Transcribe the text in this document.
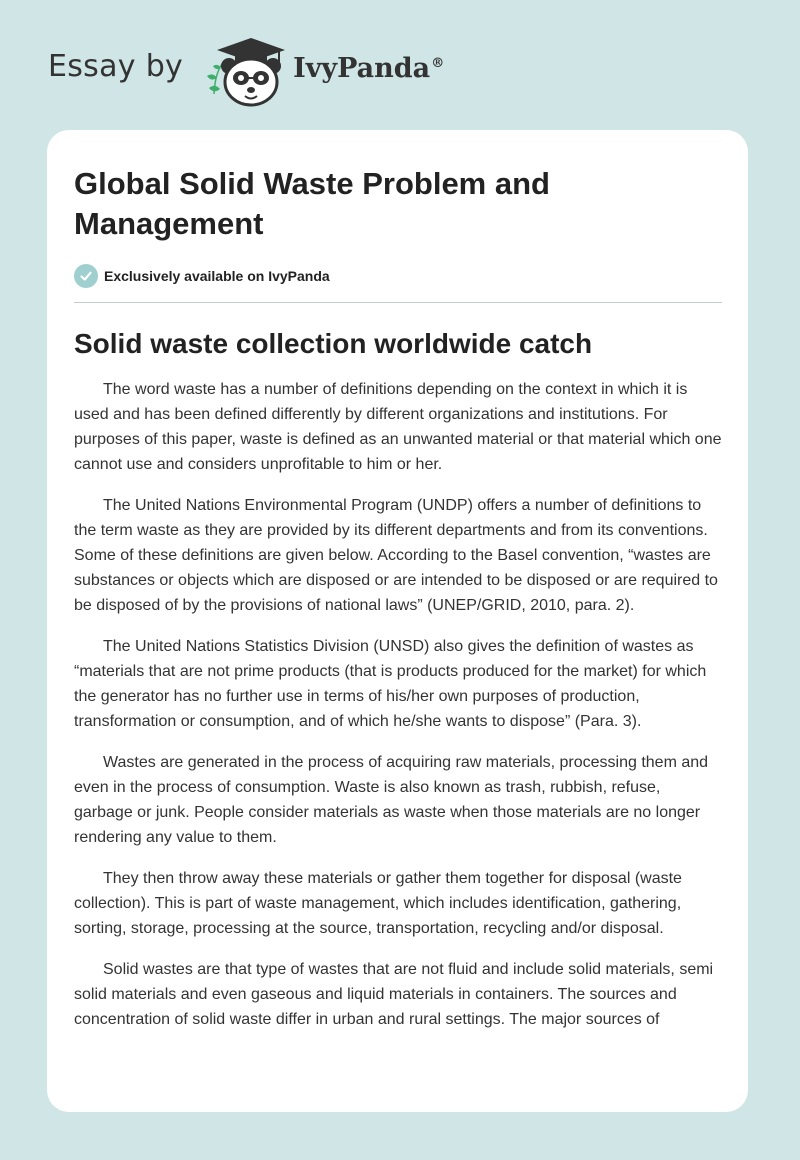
Essay by	IvyPanda®
Global Solid Waste Problem and Management
Exclusively available on IvyPanda
Solid waste collection worldwide catch

The word waste has a number of definitions depending on the context in which it is used and has been defined differently by different organizations and institutions. For purposes of this paper, waste is defined as an unwanted material or that material which one cannot use and considers unprofitable to him or her.

The United Nations Environmental Program (UNDP) offers a number of definitions to the term waste as they are provided by its different departments and from its conventions. Some of these definitions are given below. According to the Basel convention, “wastes are substances or objects which are disposed or are intended to be disposed or are required to be disposed of by the provisions of national laws” (UNEP/GRID, 2010, para. 2).

The United Nations Statistics Division (UNSD) also gives the definition of wastes as “materials that are not prime products (that is products produced for the market) for which the generator has no further use in terms of his/her own purposes of production, transformation or consumption, and of which he/she wants to dispose” (Para. 3).

Wastes are generated in the process of acquiring raw materials, processing them and even in the process of consumption. Waste is also known as trash, rubbish, refuse, garbage or junk. People consider materials as waste when those materials are no longer rendering any value to them.

They then throw away these materials or gather them together for disposal (waste collection). This is part of waste management, which includes identification, gathering, sorting, storage, processing at the source, transportation, recycling and/or disposal.

Solid wastes are that type of wastes that are not fluid and include solid materials, semi solid materials and even gaseous and liquid materials in containers. The sources and concentration of solid waste differ in urban and rural settings. The major sources of
